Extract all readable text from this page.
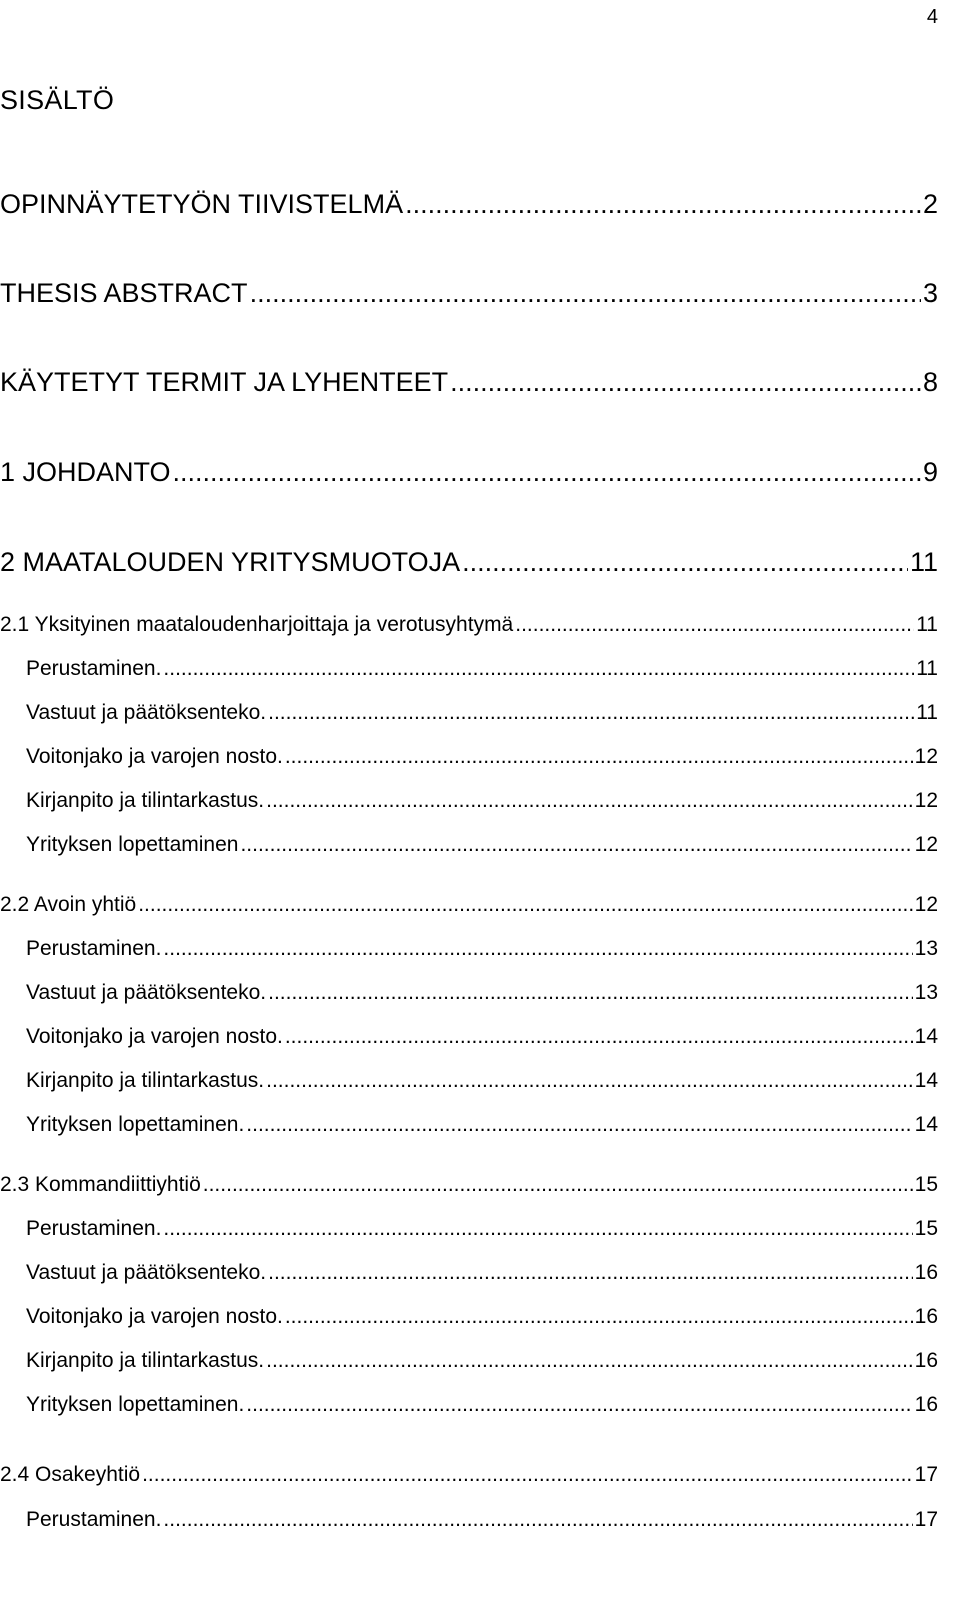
4
SISÄLTÖ
OPINNÄYTETYÖN TIIVISTELMÄ .....	2
THESIS ABSTRACT .....	3
KÄYTETYT TERMIT JA LYHENTEET .....	8
1 JOHDANTO .....	9
2 MAATALOUDEN YRITYSMUOTOJA .....	11
2.1 Yksityinen maataloudenharjoittaja ja verotusyhtymä .....	11
Perustaminen. .....	11
Vastuut ja päätöksenteko. .....	11
Voitonjako ja varojen nosto. .....	12
Kirjanpito ja tilintarkastus. .....	12
Yrityksen lopettaminen .....	12
2.2 Avoin yhtiö .....	12
Perustaminen. .....	13
Vastuut ja päätöksenteko. .....	13
Voitonjako ja varojen nosto. .....	14
Kirjanpito ja tilintarkastus. .....	14
Yrityksen lopettaminen. .....	14
2.3 Kommandiittiyhtiö .....	15
Perustaminen. .....	15
Vastuut ja päätöksenteko. .....	16
Voitonjako ja varojen nosto. .....	16
Kirjanpito ja tilintarkastus. .....	16
Yrityksen lopettaminen. .....	16
2.4 Osakeyhtiö .....	17
Perustaminen. .....	17
